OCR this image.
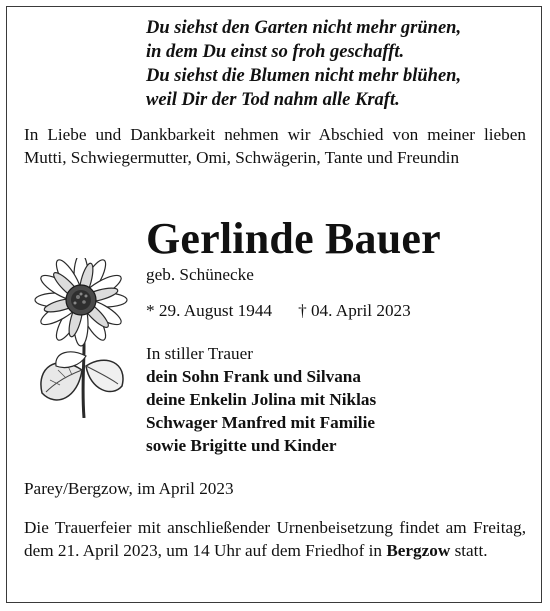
Du siehst den Garten nicht mehr grünen,
in dem Du einst so froh geschafft.
Du siehst die Blumen nicht mehr blühen,
weil Dir der Tod nahm alle Kraft.
In Liebe und Dankbarkeit nehmen wir Abschied von meiner lieben Mutti, Schwiegermutter, Omi, Schwägerin, Tante und Freundin
Gerlinde Bauer
geb. Schünecke
* 29. August 1944 † 04. April 2023
In stiller Trauer
dein Sohn Frank und Silvana
deine Enkelin Jolina mit Niklas
Schwager Manfred mit Familie
sowie Brigitte und Kinder
Parey/Bergzow, im April 2023
Die Trauerfeier mit anschließender Urnenbeisetzung findet am Freitag, dem 21. April 2023, um 14 Uhr auf dem Friedhof in Bergzow statt.
